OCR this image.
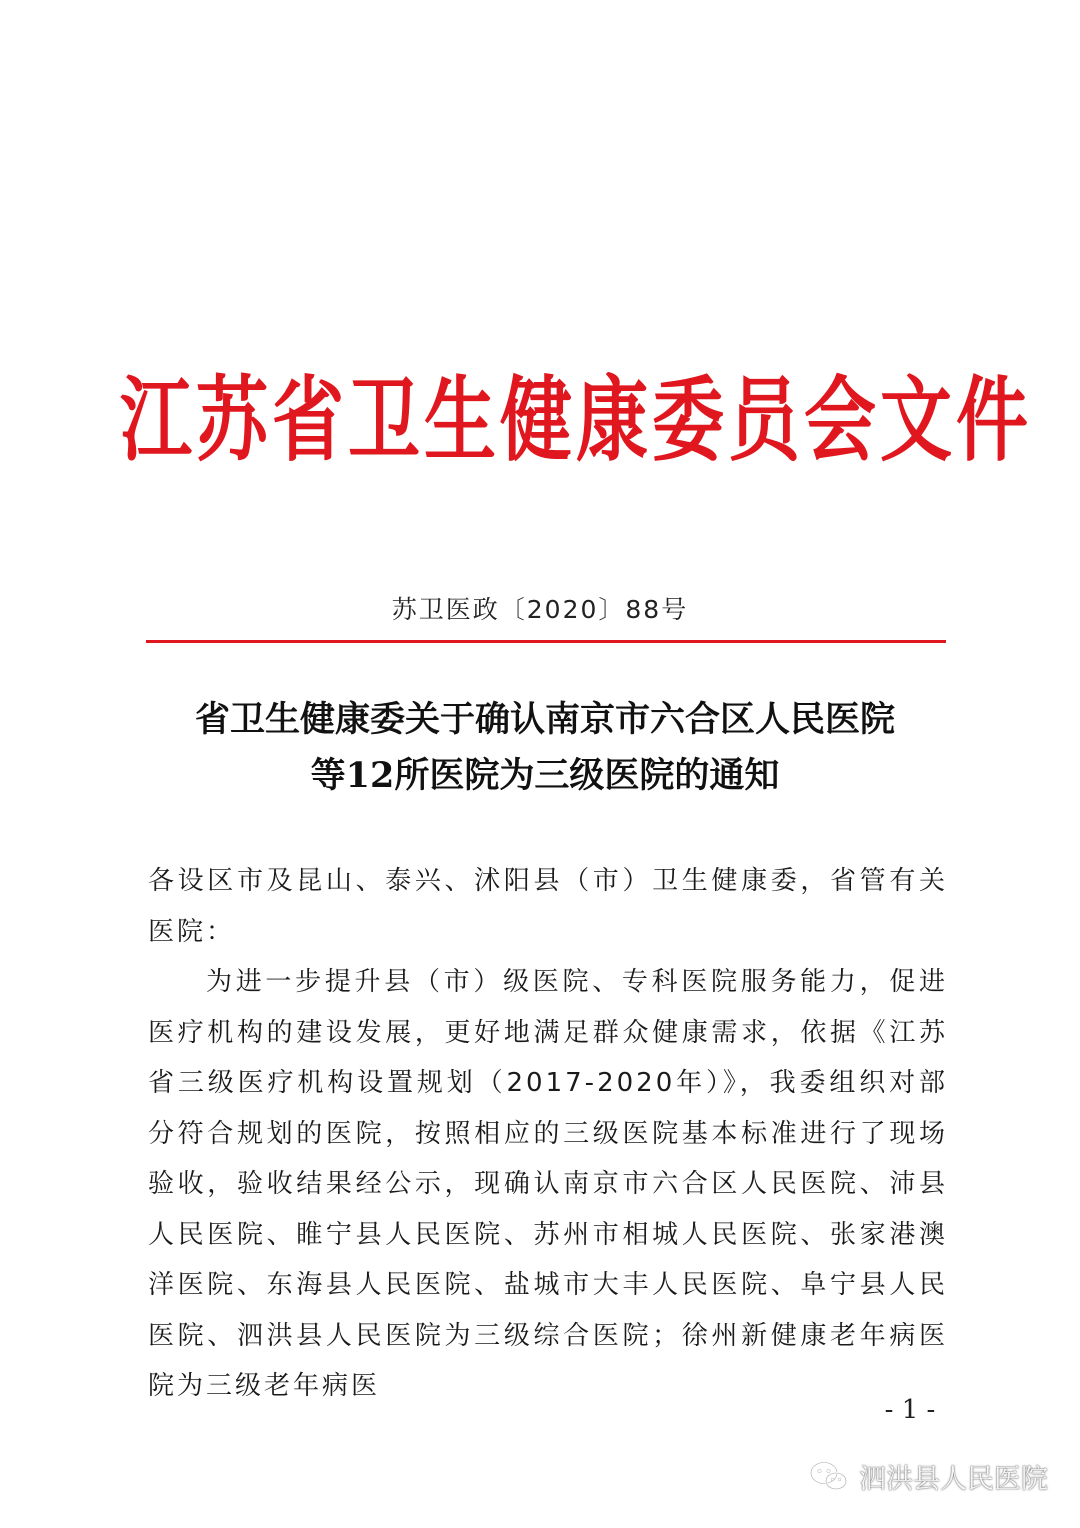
江苏省卫生健康委员会文件
苏卫医政〔2020〕88号
省卫生健康委关于确认南京市六合区人民医院
等12所医院为三级医院的通知

各设区市及昆山、泰兴、沭阳县（市）卫生健康委，省管有关医院：

为进一步提升县（市）级医院、专科医院服务能力，促进医疗机构的建设发展，更好地满足群众健康需求，依据《江苏省三级医疗机构设置规划（2017-2020年）》，我委组织对部分符合规划的医院，按照相应的三级医院基本标准进行了现场验收，验收结果经公示，现确认南京市六合区人民医院、沛县人民医院、睢宁县人民医院、苏州市相城人民医院、张家港澳洋医院、东海县人民医院、盐城市大丰人民医院、阜宁县人民医院、泗洪县人民医院为三级综合医院；徐州新健康老年病医院为三级老年病医

- 1 -
泗洪县人民医院
